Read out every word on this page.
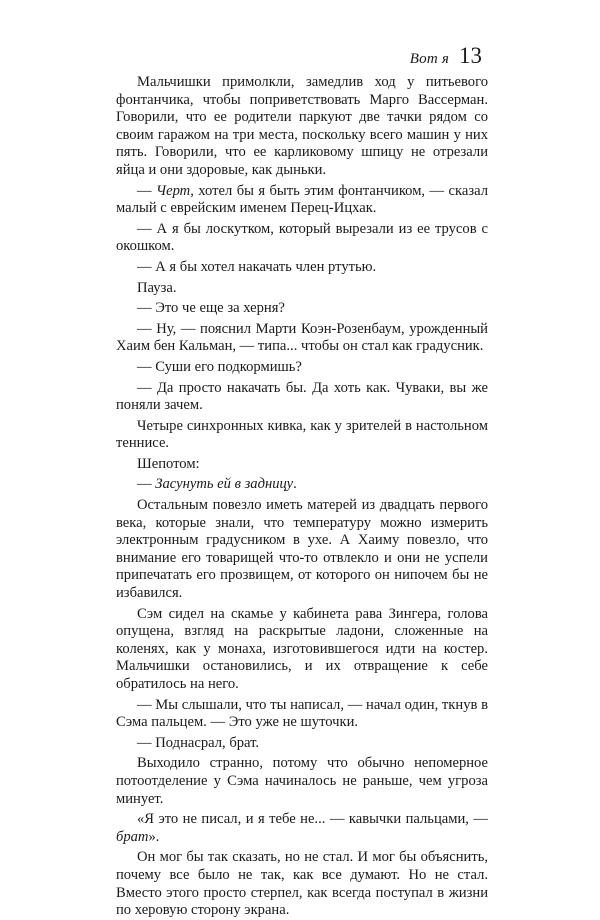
Вот я 13

Мальчишки примолкли, замедлив ход у питьевого фонтанчика, чтобы поприветствовать Марго Вассерман. Говорили, что ее родители паркуют две тачки рядом со своим гаражом на три места, поскольку всего машин у них пять. Говорили, что ее карликовому шпицу не отрезали яйца и они здоровые, как дыньки.

— Черт, хотел бы я быть этим фонтанчиком, — сказал малый с еврейским именем Перец-Ицхак.

— А я бы лоскутком, который вырезали из ее трусов с окошком.

— А я бы хотел накачать член ртутью.

Пауза.

— Это че еще за херня?

— Ну, — пояснил Марти Коэн-Розенбаум, урожденный Хаим бен Кальман, — типа... чтобы он стал как градусник.

— Суши его подкормишь?

— Да просто накачать бы. Да хоть как. Чуваки, вы же поняли зачем.

Четыре синхронных кивка, как у зрителей в настольном теннисе.

Шепотом:

— Засунуть ей в задницу.

Остальным повезло иметь матерей из двадцать первого века, которые знали, что температуру можно измерить электронным градусником в ухе. А Хаиму повезло, что внимание его товарищей что-то отвлекло и они не успели припечатать его прозвищем, от которого он нипочем бы не избавился.

Сэм сидел на скамье у кабинета рава Зингера, голова опущена, взгляд на раскрытые ладони, сложенные на коленях, как у монаха, изготовившегося идти на костер. Мальчишки остановились, и их отвращение к себе обратилось на него.

— Мы слышали, что ты написал, — начал один, ткнув в Сэма пальцем. — Это уже не шуточки.

— Поднасрал, брат.

Выходило странно, потому что обычно непомерное потоотделение у Сэма начиналось не раньше, чем угроза минует.

«Я это не писал, и я тебе не... — кавычки пальцами, — брат».

Он мог бы так сказать, но не стал. И мог бы объяснить, почему все было не так, как все думают. Но не стал. Вместо этого просто стерпел, как всегда поступал в жизни по херовую сторону экрана.
